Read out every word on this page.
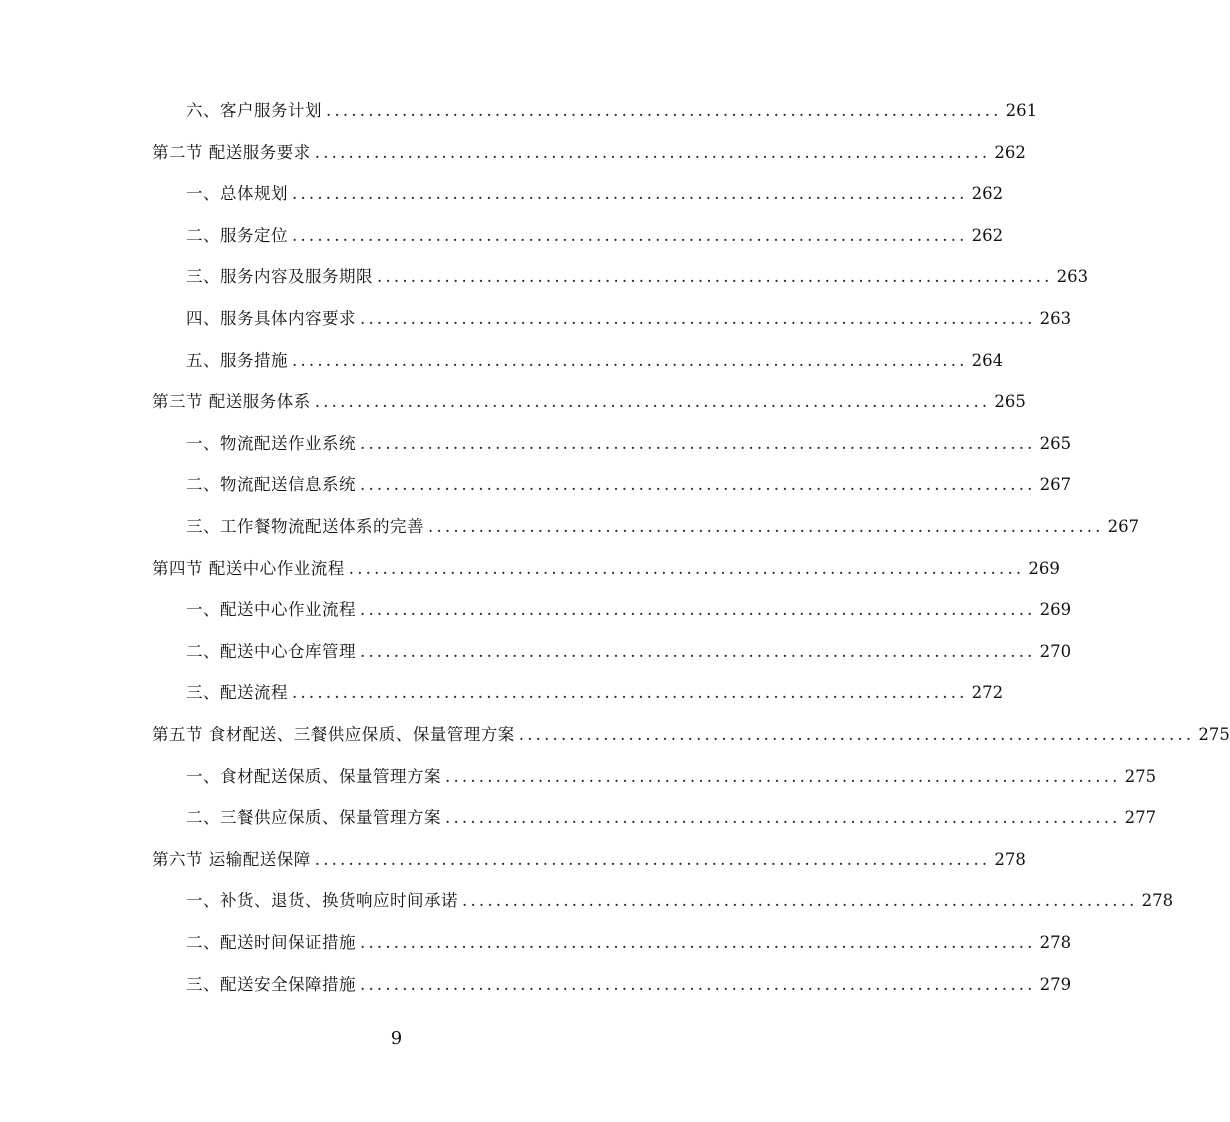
六、客户服务计划 ................................................................................ 261
第二节 配送服务要求 ................................................................................ 262
一、总体规划 ................................................................................ 262
二、服务定位 ................................................................................ 262
三、服务内容及服务期限 ................................................................................ 263
四、服务具体内容要求 ................................................................................ 263
五、服务措施 ................................................................................ 264
第三节 配送服务体系 ................................................................................ 265
一、物流配送作业系统 ................................................................................ 265
二、物流配送信息系统 ................................................................................ 267
三、工作餐物流配送体系的完善 ................................................................................ 267
第四节 配送中心作业流程 ................................................................................ 269
一、配送中心作业流程 ................................................................................ 269
二、配送中心仓库管理 ................................................................................ 270
三、配送流程 ................................................................................ 272
第五节 食材配送、三餐供应保质、保量管理方案 ................................................................................ 275
一、食材配送保质、保量管理方案 ................................................................................ 275
二、三餐供应保质、保量管理方案 ................................................................................ 277
第六节 运输配送保障 ................................................................................ 278
一、补货、退货、换货响应时间承诺 ................................................................................ 278
二、配送时间保证措施 ................................................................................ 278
三、配送安全保障措施 ................................................................................ 279
9
